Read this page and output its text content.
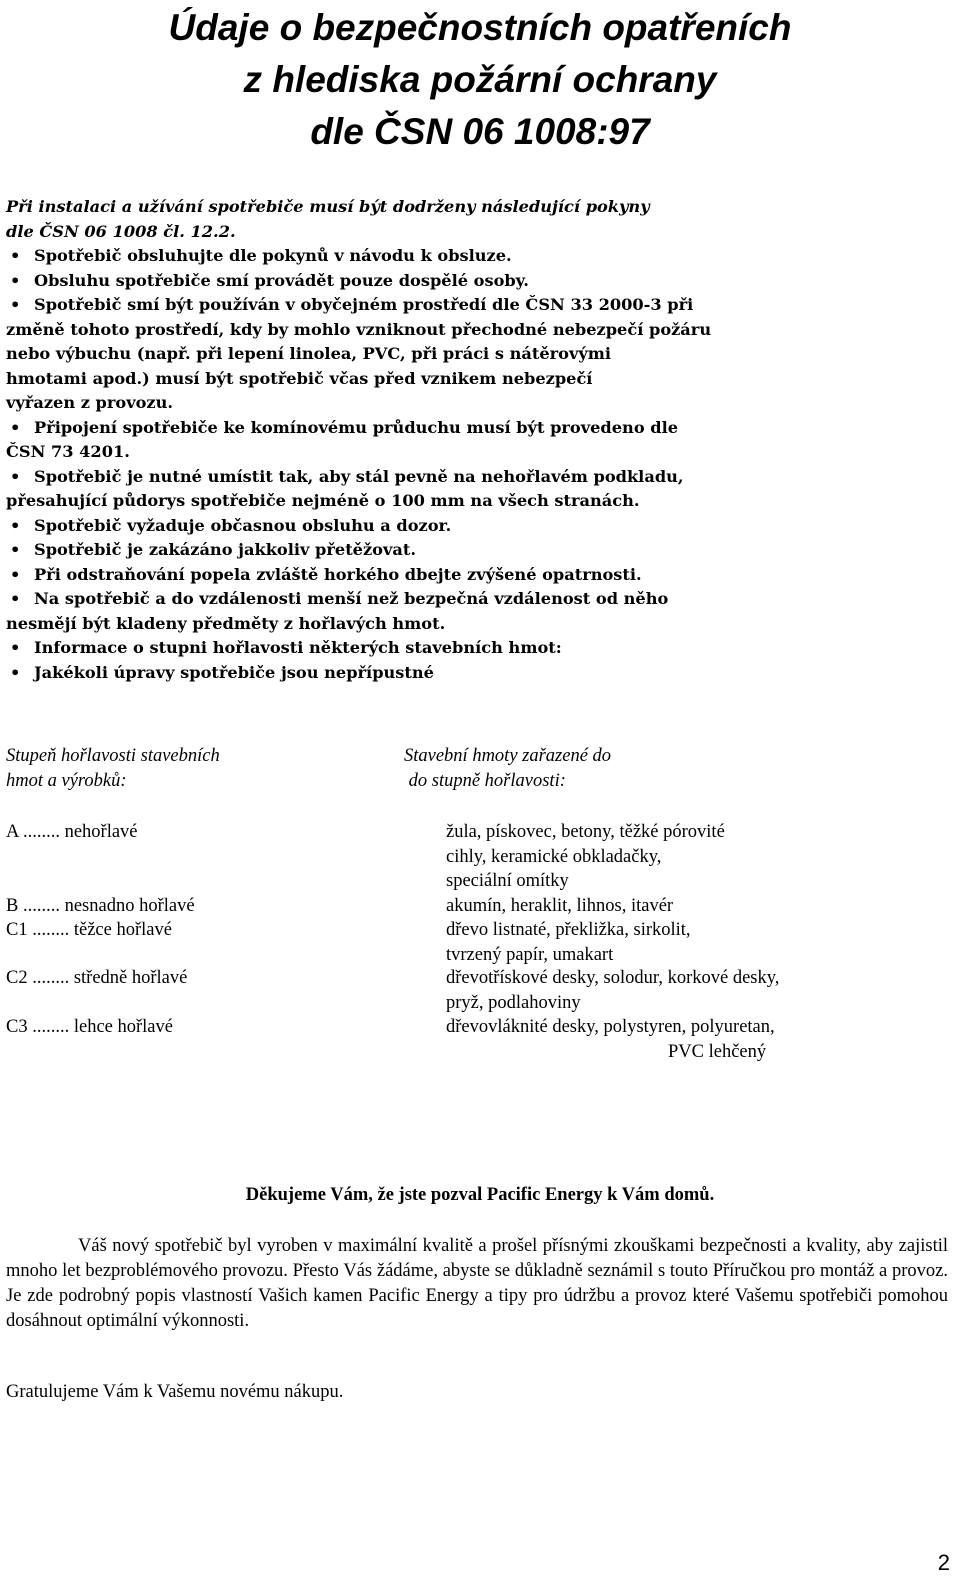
Údaje o bezpečnostních opatřeních
z hlediska požární ochrany
dle ČSN 06 1008:97

Při instalaci a užívání spotřebiče musí být dodrženy následující pokyny
dle ČSN 06 1008 čl. 12.2.

• Spotřebič obsluhujte dle pokynů v návodu k obsluze.
• Obsluhu spotřebiče smí provádět pouze dospělé osoby.
• Spotřebič smí být používán v obyčejném prostředí dle ČSN 33 2000-3 při
změně tohoto prostředí, kdy by mohlo vzniknout přechodné nebezpečí požáru
nebo výbuchu (např. při lepení linolea, PVC, při práci s nátěrovými
hmotami apod.) musí být spotřebič včas před vznikem nebezpečí
vyřazen z provozu.
• Připojení spotřebiče ke komínovému průduchu musí být provedeno dle
ČSN 73 4201.
• Spotřebič je nutné umístit tak, aby stál pevně na nehořlavém podkladu,
přesahující půdorys spotřebiče nejméně o 100 mm na všech stranách.
• Spotřebič vyžaduje občasnou obsluhu a dozor.
• Spotřebič je zakázáno jakkoliv přetěžovat.
• Při odstraňování popela zvláště horkého dbejte zvýšené opatrnosti.
• Na spotřebič a do vzdálenosti menší než bezpečná vzdálenost od něho
nesmějí být kladeny předměty z hořlavých hmot.
• Informace o stupni hořlavosti některých stavebních hmot:
• Jakékoli úpravy spotřebiče jsou nepřípustné
Stupeň hořlavosti stavebních
hmot a výrobků:
Stavební hmoty zařazené do
do stupně hořlavosti:
A ........ nehořlavé	žula, pískovec, betony, těžké pórovité
cihly, keramické obkladačky,
speciální omítky
B ........ nesnadno hořlavé	akumín, heraklit, lihnos, itavér
C1 ........ těžce hořlavé	dřevo listnaté, překližka, sirkolit,
tvrzený papír, umakart
C2 ........ středně hořlavé	dřevotřískové desky, solodur, korkové desky,
pryž, podlahoviny
C3 ........ lehce hořlavé	dřevovláknité desky, polystyren, polyuretan,
PVC lehčený
Děkujeme Vám, že jste pozval Pacific Energy k Vám domů.

Váš nový spotřebič byl vyroben v maximální kvalitě a prošel přísnými zkouškami bezpečnosti a kvality, aby zajistil mnoho let bezproblémového provozu. Přesto Vás žádáme, abyste se důkladně seznámil s touto Příručkou pro montáž a provoz. Je zde podrobný popis vlastností Vašich kamen Pacific Energy a tipy pro údržbu a provoz které Vašemu spotřebiči pomohou dosáhnout optimální výkonnosti.

Gratulujeme Vám k Vašemu novému nákupu.

2
